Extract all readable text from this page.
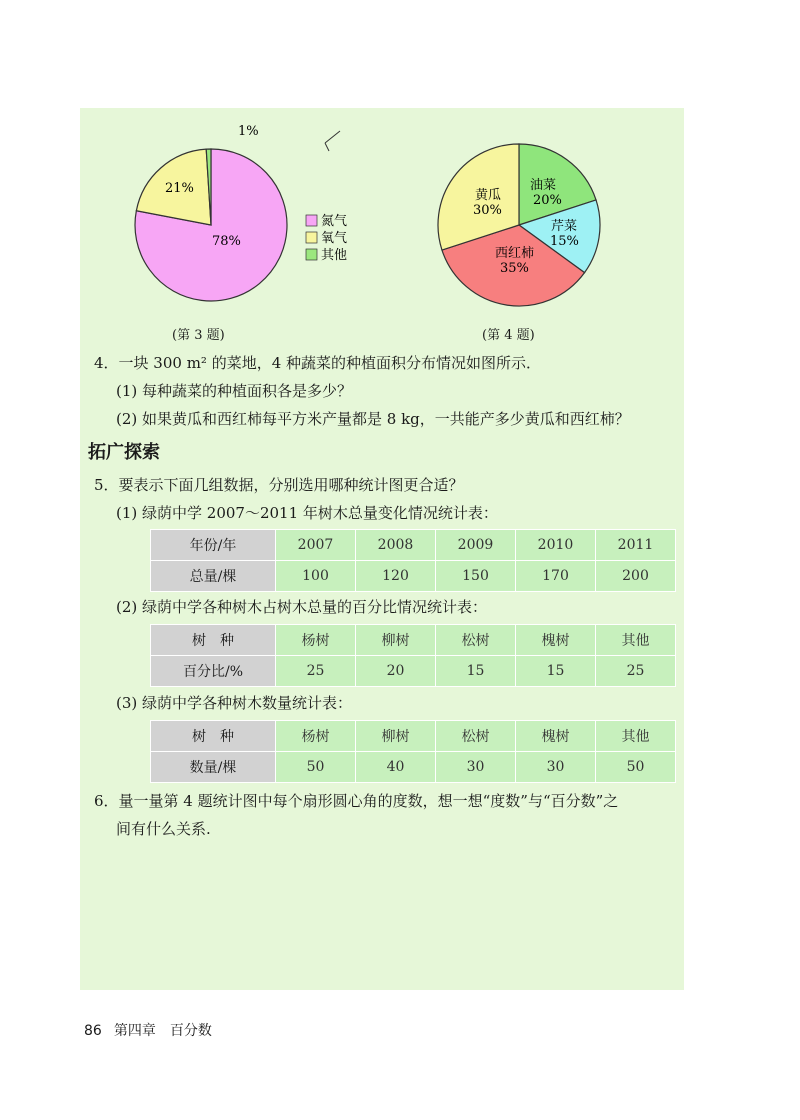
1%
21%
78%
氮气
氧气
其他
(第 3 题)
油菜
20%
芹菜
15%
西红柿
35%
黄瓜
30%
(第 4 题)
4．一块 300 m² 的菜地，4 种蔬菜的种植面积分布情况如图所示．
(1) 每种蔬菜的种植面积各是多少？
(2) 如果黄瓜和西红柿每平方米产量都是 8 kg，一共能产多少黄瓜和西红柿？
拓广探索
5．要表示下面几组数据，分别选用哪种统计图更合适？
(1) 绿荫中学 2007～2011 年树木总量变化情况统计表：
年份/年	2007	2008	2009	2010	2011
总量/棵	100	120	150	170	200
(2) 绿荫中学各种树木占树木总量的百分比情况统计表：
树　种	杨树	柳树	松树	槐树	其他
百分比/%	25	20	15	15	25
(3) 绿荫中学各种树木数量统计表：
树　种	杨树	柳树	松树	槐树	其他
数量/棵	50	40	30	30	50
6．量一量第 4 题统计图中每个扇形圆心角的度数，想一想“度数”与“百分数”之
间有什么关系.
86 第四章　百分数
